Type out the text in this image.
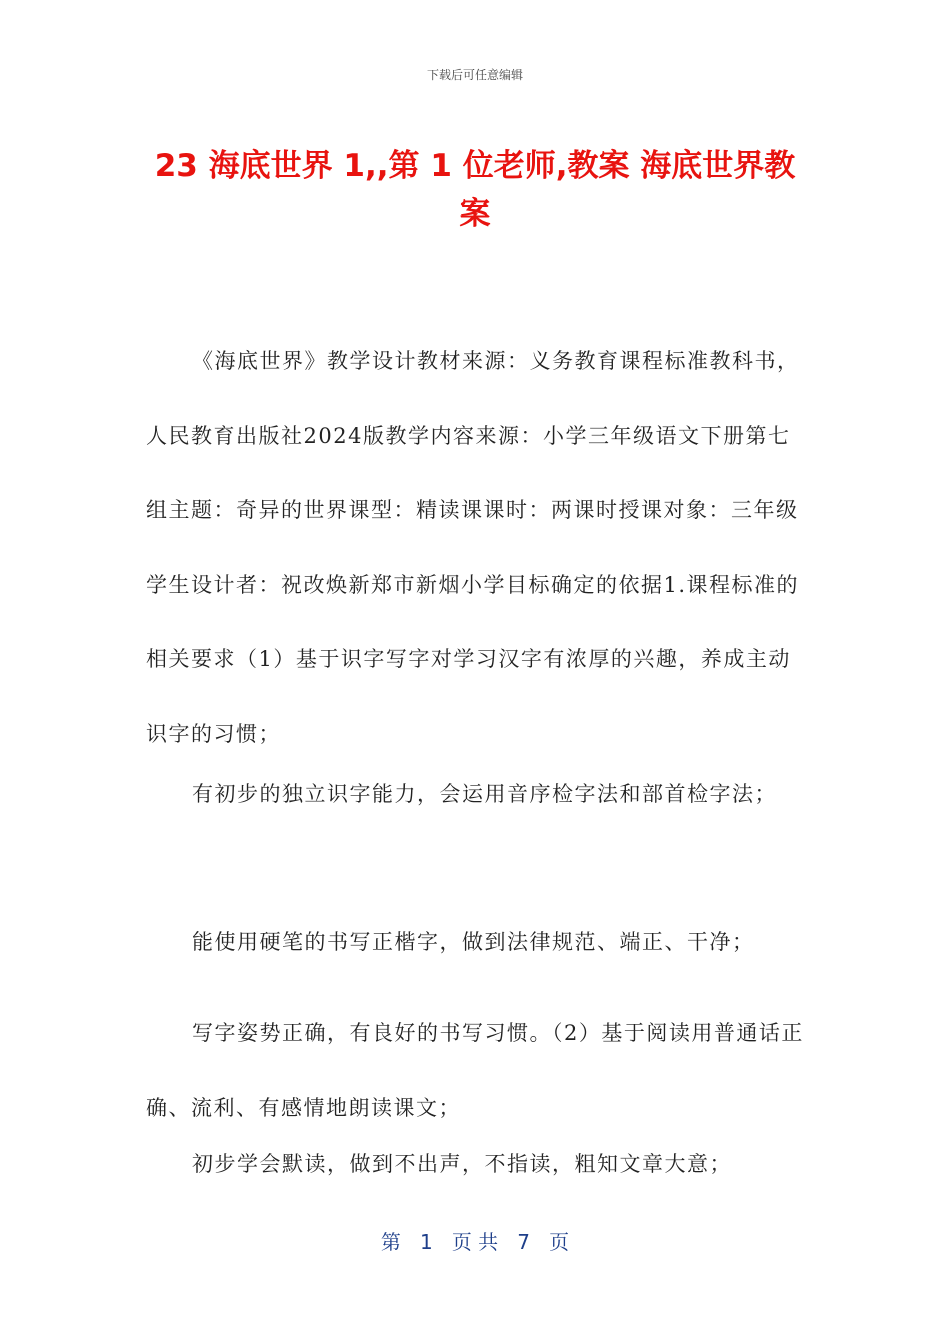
下载后可任意编辑
23 海底世界 1,,第 1 位老师,教案 海底世界教案

《海底世界》教学设计教材来源：义务教育课程标准教科书，人民教育出版社2024版教学内容来源：小学三年级语文下册第七组主题：奇异的世界课型：精读课课时：两课时授课对象：三年级学生设计者：祝改焕新郑市新烟小学目标确定的依据1.课程标准的相关要求（1）基于识字写字对学习汉字有浓厚的兴趣，养成主动识字的习惯；

有初步的独立识字能力，会运用音序检字法和部首检字法；

能使用硬笔的书写正楷字，做到法律规范、端正、干净；

写字姿势正确，有良好的书写习惯。（2）基于阅读用普通话正确、流利、有感情地朗读课文；

初步学会默读，做到不出声，不指读，粗知文章大意；

第 1 页 共 7 页
